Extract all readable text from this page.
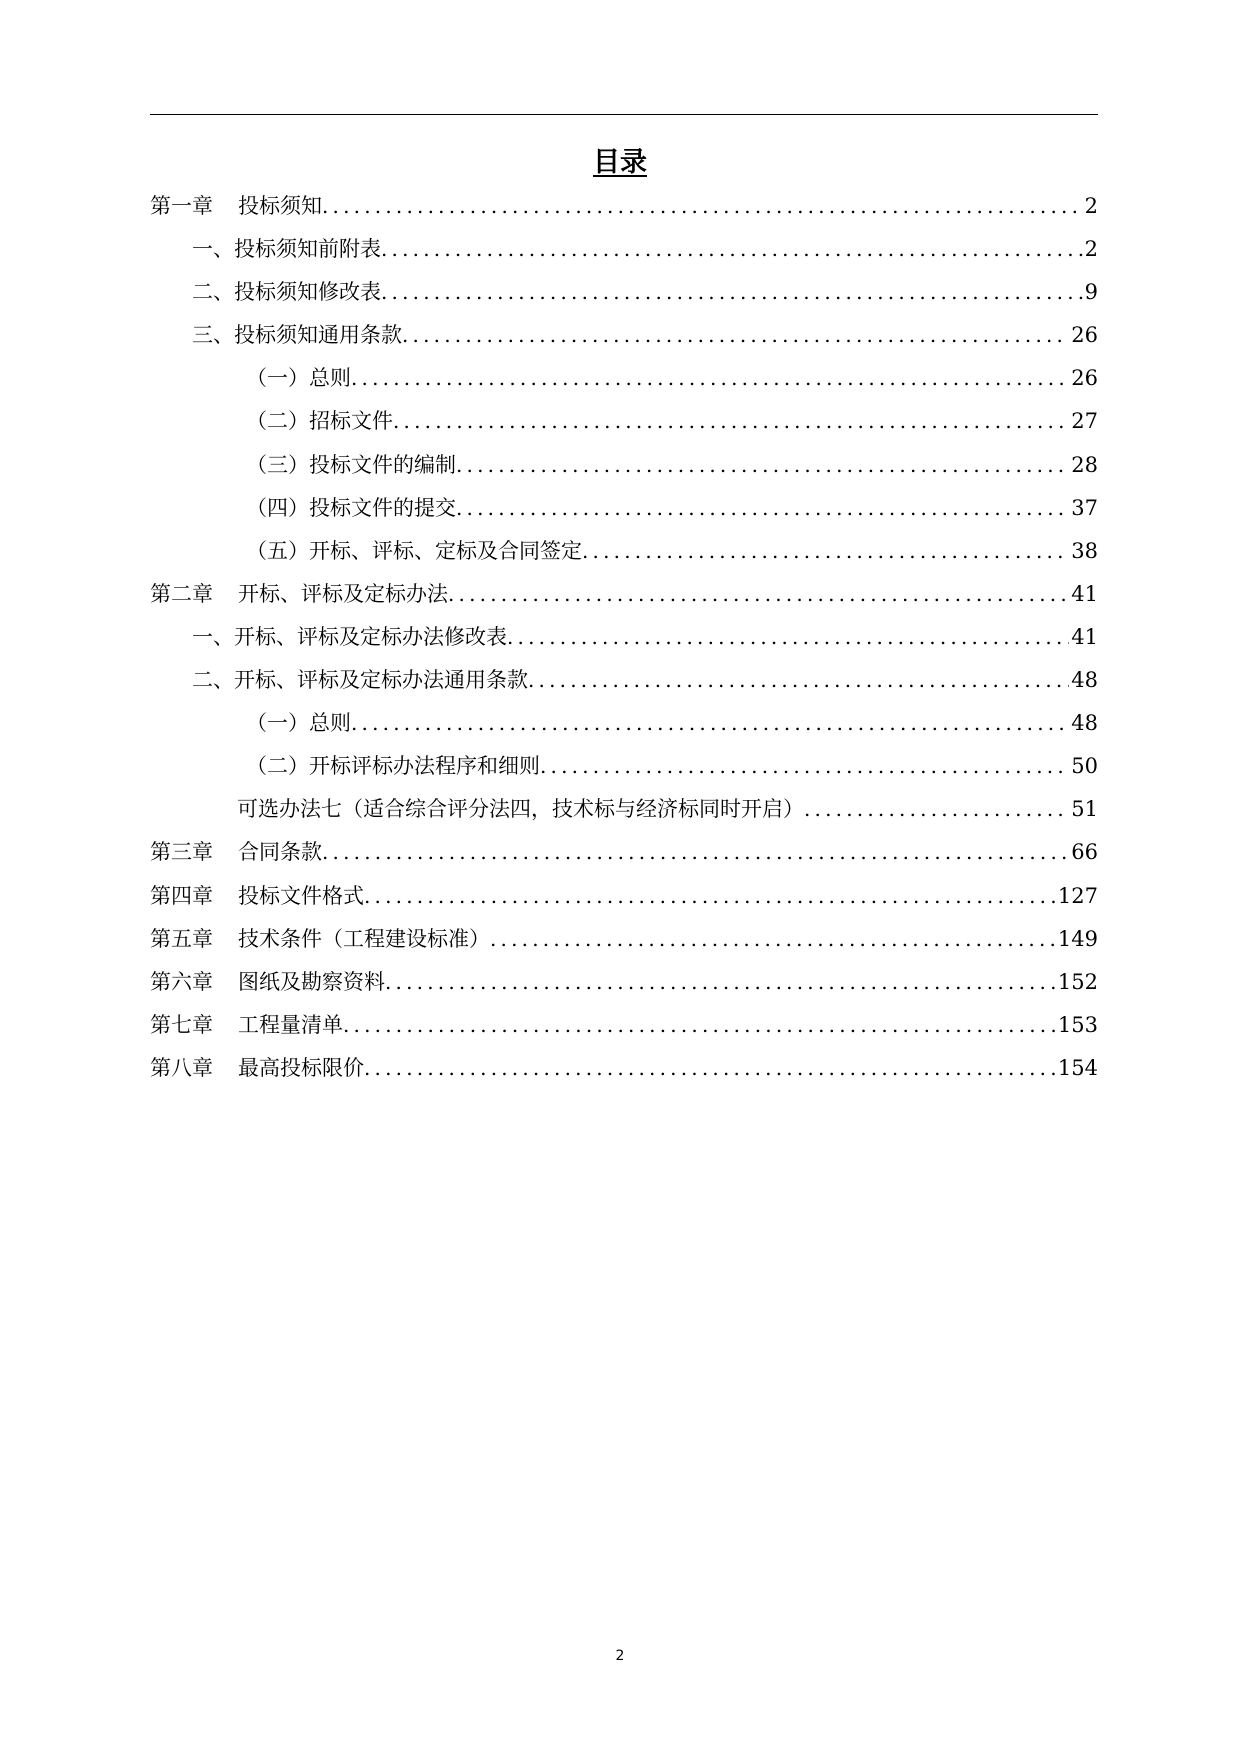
目录
第一章 投标须知 .....	2
一、投标须知前附表 .....	2
二、投标须知修改表 .....	9
三、投标须知通用条款 .....	26
（一）总则 .....	26
（二）招标文件 .....	27
（三）投标文件的编制 .....	28
（四）投标文件的提交 .....	37
（五）开标、评标、定标及合同签定 .....	38
第二章 开标、评标及定标办法 .....	41
一、开标、评标及定标办法修改表 .....	41
二、开标、评标及定标办法通用条款 .....	48
（一）总则 .....	48
（二）开标评标办法程序和细则 .....	50
可选办法七（适合综合评分法四，技术标与经济标同时开启） .....	51
第三章 合同条款 .....	66
第四章 投标文件格式 .....	127
第五章 技术条件（工程建设标准） .....	149
第六章 图纸及勘察资料 .....	152
第七章 工程量清单 .....	153
第八章 最高投标限价 .....	154
2
